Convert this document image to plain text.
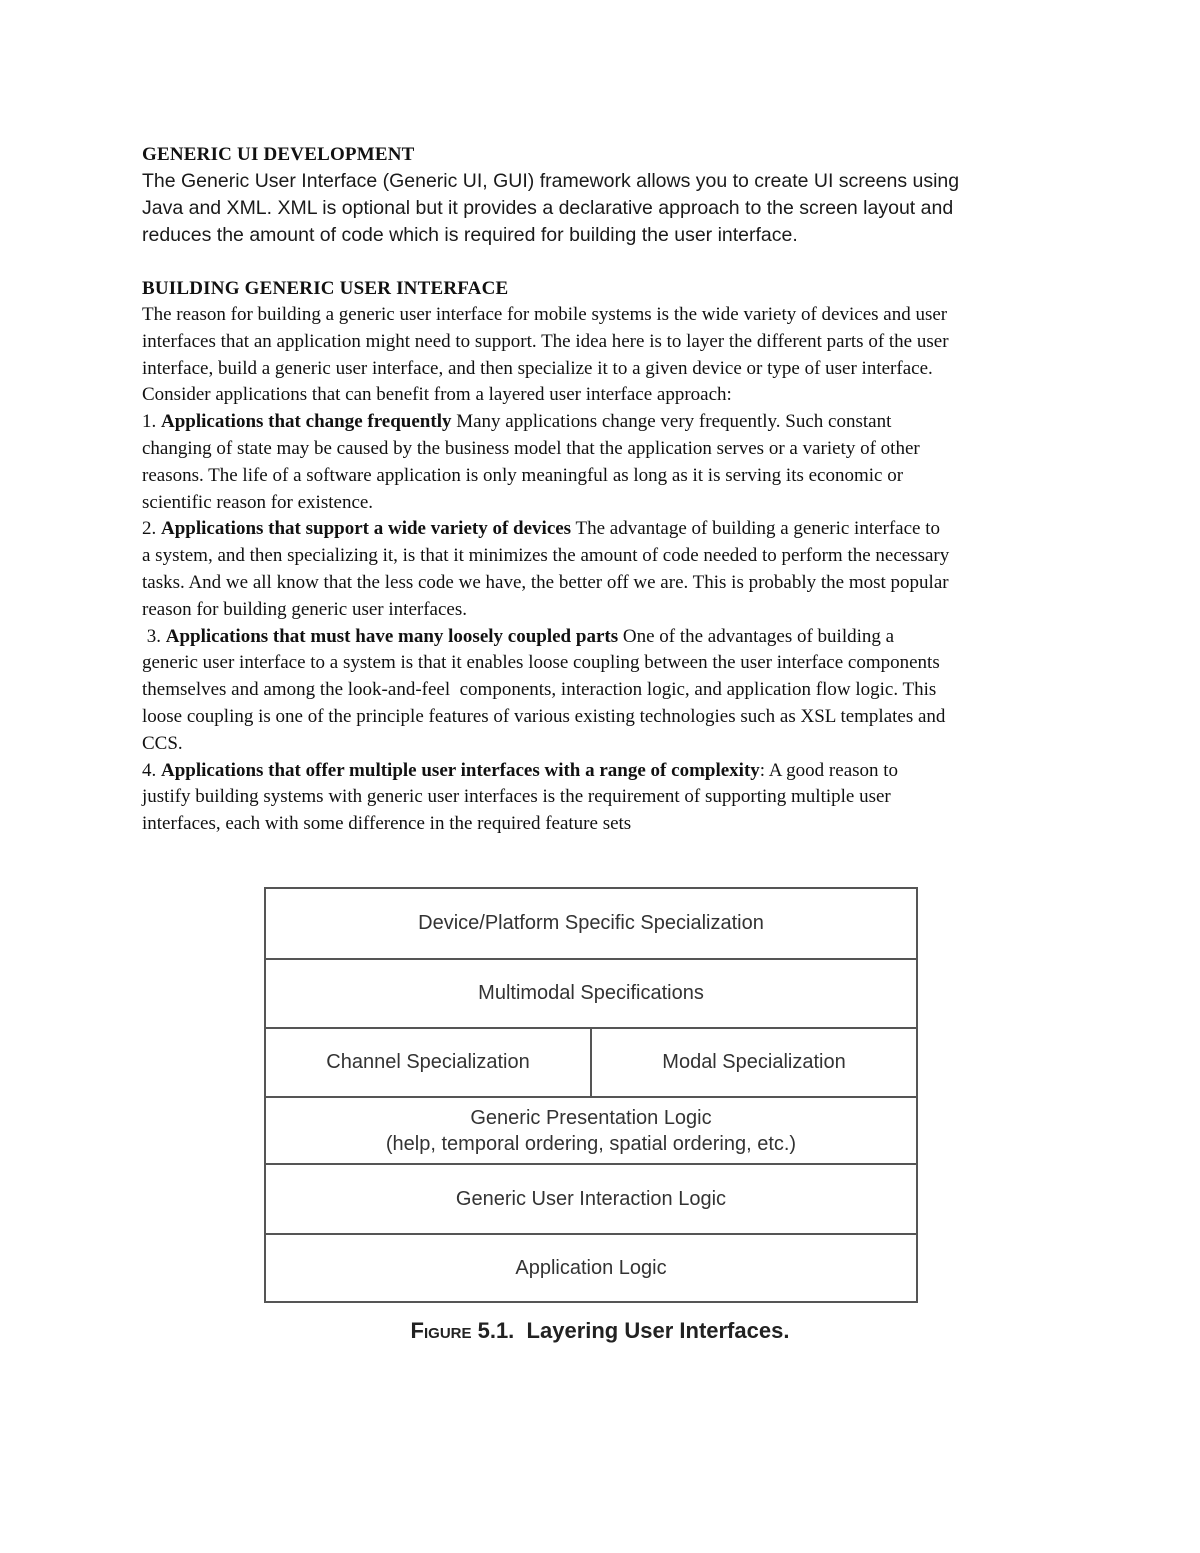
GENERIC UI DEVELOPMENT
The Generic User Interface (Generic UI, GUI) framework allows you to create UI screens using
Java and XML. XML is optional but it provides a declarative approach to the screen layout and
reduces the amount of code which is required for building the user interface.
BUILDING GENERIC USER INTERFACE
The reason for building a generic user interface for mobile systems is the wide variety of devices and user
interfaces that an application might need to support. The idea here is to layer the different parts of the user
interface, build a generic user interface, and then specialize it to a given device or type of user interface.
Consider applications that can benefit from a layered user interface approach:
1. Applications that change frequently Many applications change very frequently. Such constant
changing of state may be caused by the business model that the application serves or a variety of other
reasons. The life of a software application is only meaningful as long as it is serving its economic or
scientific reason for existence.
2. Applications that support a wide variety of devices The advantage of building a generic interface to
a system, and then specializing it, is that it minimizes the amount of code needed to perform the necessary
tasks. And we all know that the less code we have, the better off we are. This is probably the most popular
reason for building generic user interfaces.
3. Applications that must have many loosely coupled parts One of the advantages of building a
generic user interface to a system is that it enables loose coupling between the user interface components
themselves and among the look-and-feel  components, interaction logic, and application flow logic. This
loose coupling is one of the principle features of various existing technologies such as XSL templates and
CCS.
4. Applications that offer multiple user interfaces with a range of complexity: A good reason to
justify building systems with generic user interfaces is the requirement of supporting multiple user
interfaces, each with some difference in the required feature sets
Device/Platform Specific Specialization
Multimodal Specifications
Channel Specialization	Modal Specialization
Generic Presentation Logic
(help, temporal ordering, spatial ordering, etc.)
Generic User Interaction Logic
Application Logic
Figure 5.1. Layering User Interfaces.
